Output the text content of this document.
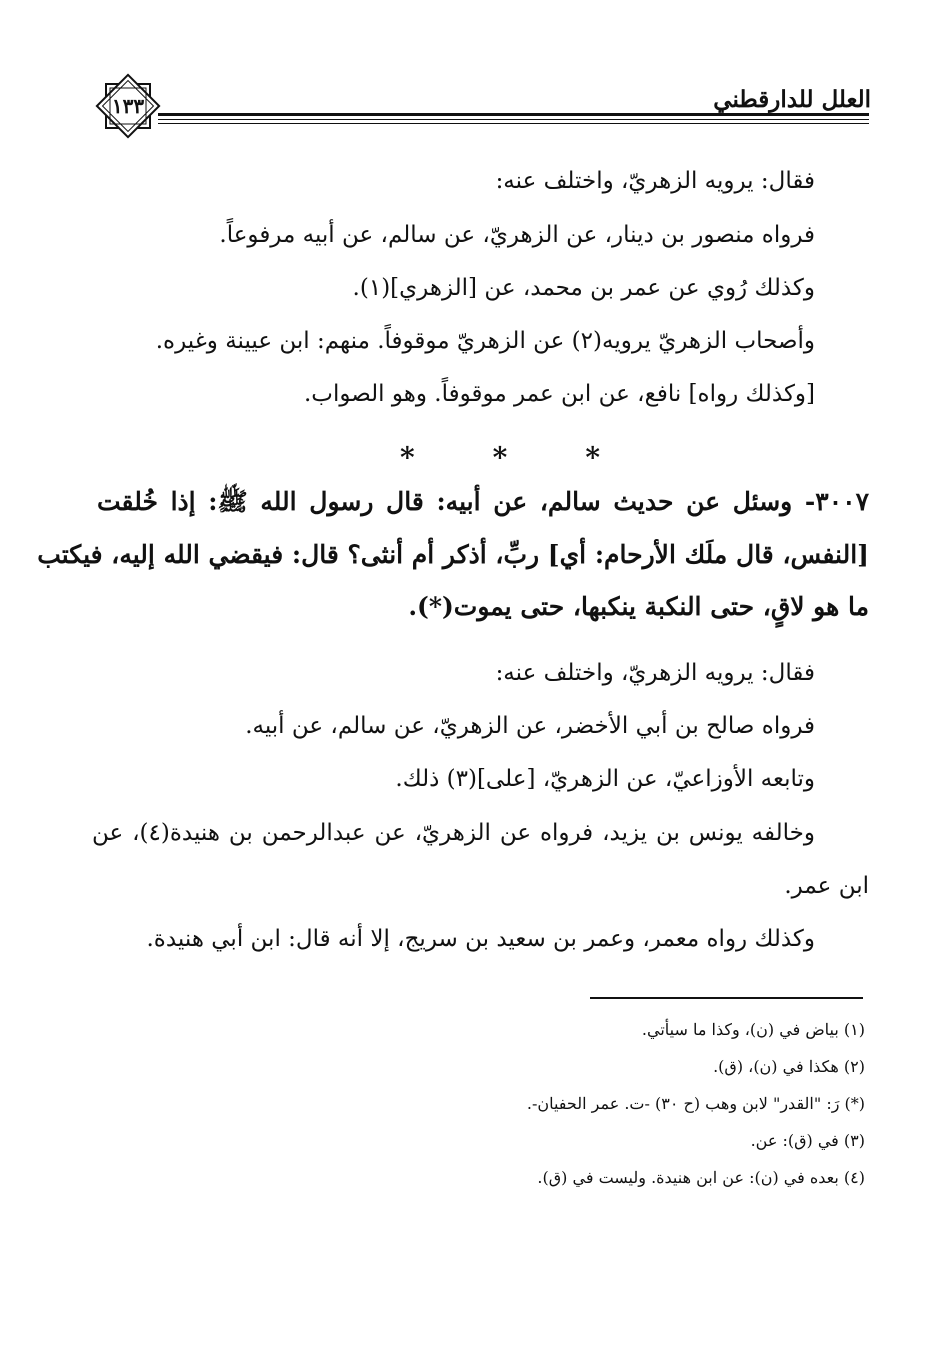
العلل للدارقطني
١٣٣
فقال: يرويه الزهريّ، واختلف عنه:
فرواه منصور بن دينار، عن الزهريّ، عن سالم، عن أبيه مرفوعاً.
وكذلك رُوي عن عمر بن محمد، عن [الزهري](١).
وأصحاب الزهريّ يرويه(٢) عن الزهريّ موقوفاً. منهم: ابن عيينة وغيره.
[وكذلك رواه] نافع، عن ابن عمر موقوفاً. وهو الصواب.
*	*	*
٣٠٠٧- وسئل عن حديث سالم، عن أبيه: قال رسول الله ﷺ: إذا خُلقت
[النفس، قال ملَك الأرحام: أي] ربِّ، أذكر أم أنثى؟ قال: فيقضي الله إليه، فيكتب
ما هو لاقٍ، حتى النكبة ينكبها، حتى يموت(*).
فقال: يرويه الزهريّ، واختلف عنه:
فرواه صالح بن أبي الأخضر، عن الزهريّ، عن سالم، عن أبيه.
وتابعه الأوزاعيّ، عن الزهريّ، [على](٣) ذلك.
وخالفه يونس بن يزيد، فرواه عن الزهريّ، عن عبدالرحمن بن هنيدة(٤)، عن
ابن عمر.
وكذلك رواه معمر، وعمر بن سعيد بن سريج، إلا أنه قال: ابن أبي هنيدة.
(١) بياض في (ن)، وكذا ما سيأتي.
(٢) هكذا في (ن)، (ق).
(*) رَ: "القدر" لابن وهب (ح ٣٠) -ت. عمر الحفيان-.
(٣) في (ق): عن.
(٤) بعده في (ن): عن ابن هنيدة. وليست في (ق).
